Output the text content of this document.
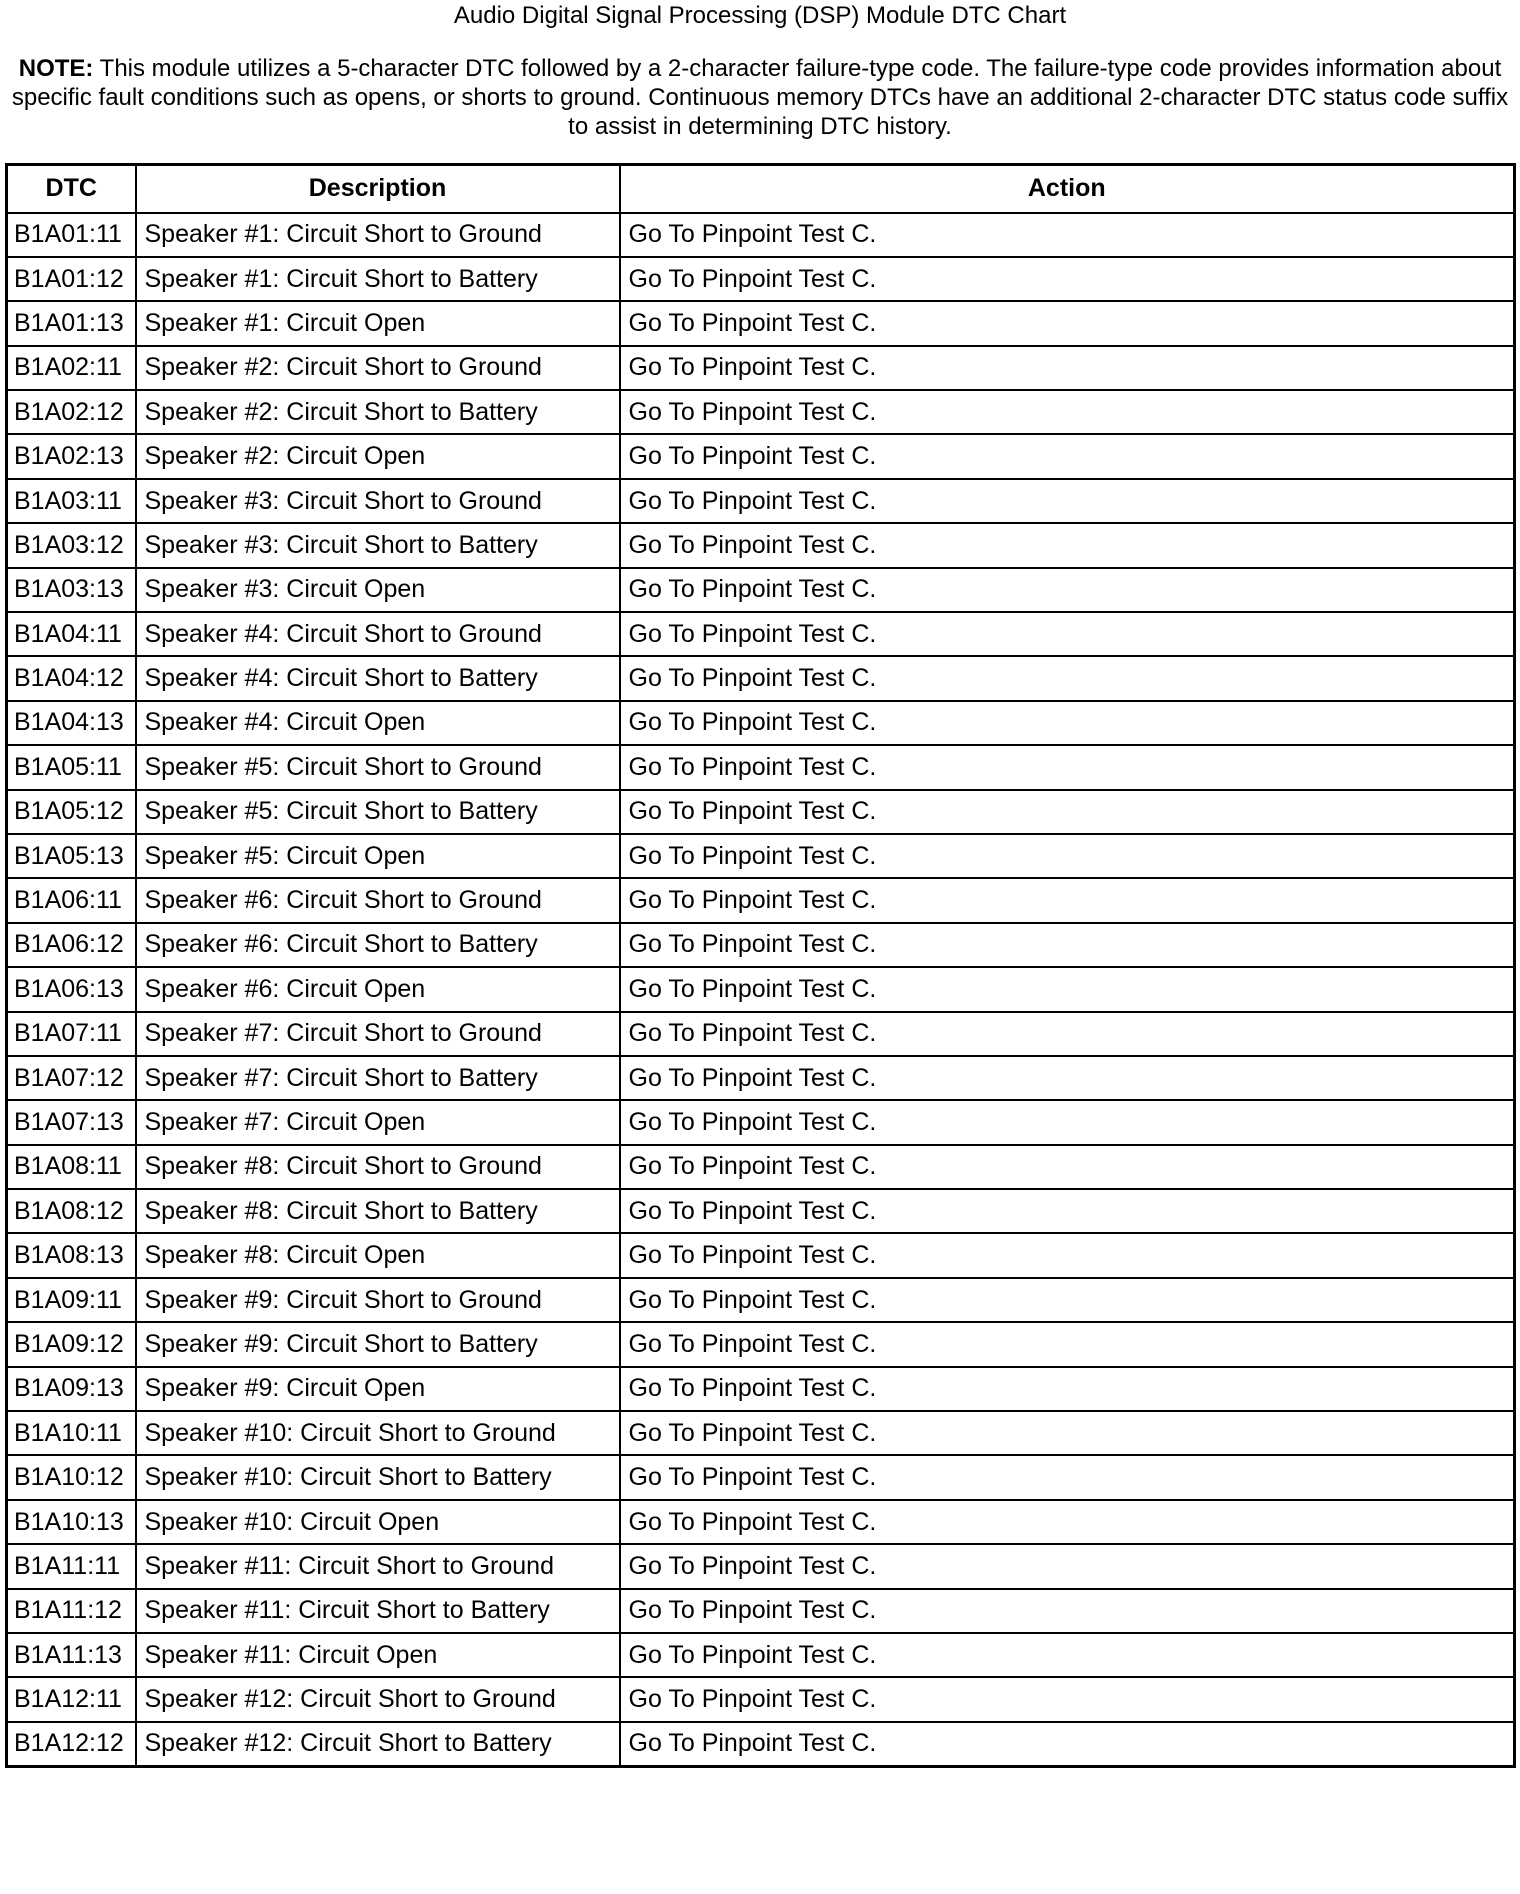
Audio Digital Signal Processing (DSP) Module DTC Chart
NOTE: This module utilizes a 5-character DTC followed by a 2-character failure-type code. The failure-type code provides information about specific fault conditions such as opens, or shorts to ground. Continuous memory DTCs have an additional 2-character DTC status code suffix to assist in determining DTC history.
DTC	Description	Action
B1A01:11	Speaker #1: Circuit Short to Ground	Go To Pinpoint Test C.
B1A01:12	Speaker #1: Circuit Short to Battery	Go To Pinpoint Test C.
B1A01:13	Speaker #1: Circuit Open	Go To Pinpoint Test C.
B1A02:11	Speaker #2: Circuit Short to Ground	Go To Pinpoint Test C.
B1A02:12	Speaker #2: Circuit Short to Battery	Go To Pinpoint Test C.
B1A02:13	Speaker #2: Circuit Open	Go To Pinpoint Test C.
B1A03:11	Speaker #3: Circuit Short to Ground	Go To Pinpoint Test C.
B1A03:12	Speaker #3: Circuit Short to Battery	Go To Pinpoint Test C.
B1A03:13	Speaker #3: Circuit Open	Go To Pinpoint Test C.
B1A04:11	Speaker #4: Circuit Short to Ground	Go To Pinpoint Test C.
B1A04:12	Speaker #4: Circuit Short to Battery	Go To Pinpoint Test C.
B1A04:13	Speaker #4: Circuit Open	Go To Pinpoint Test C.
B1A05:11	Speaker #5: Circuit Short to Ground	Go To Pinpoint Test C.
B1A05:12	Speaker #5: Circuit Short to Battery	Go To Pinpoint Test C.
B1A05:13	Speaker #5: Circuit Open	Go To Pinpoint Test C.
B1A06:11	Speaker #6: Circuit Short to Ground	Go To Pinpoint Test C.
B1A06:12	Speaker #6: Circuit Short to Battery	Go To Pinpoint Test C.
B1A06:13	Speaker #6: Circuit Open	Go To Pinpoint Test C.
B1A07:11	Speaker #7: Circuit Short to Ground	Go To Pinpoint Test C.
B1A07:12	Speaker #7: Circuit Short to Battery	Go To Pinpoint Test C.
B1A07:13	Speaker #7: Circuit Open	Go To Pinpoint Test C.
B1A08:11	Speaker #8: Circuit Short to Ground	Go To Pinpoint Test C.
B1A08:12	Speaker #8: Circuit Short to Battery	Go To Pinpoint Test C.
B1A08:13	Speaker #8: Circuit Open	Go To Pinpoint Test C.
B1A09:11	Speaker #9: Circuit Short to Ground	Go To Pinpoint Test C.
B1A09:12	Speaker #9: Circuit Short to Battery	Go To Pinpoint Test C.
B1A09:13	Speaker #9: Circuit Open	Go To Pinpoint Test C.
B1A10:11	Speaker #10: Circuit Short to Ground	Go To Pinpoint Test C.
B1A10:12	Speaker #10: Circuit Short to Battery	Go To Pinpoint Test C.
B1A10:13	Speaker #10: Circuit Open	Go To Pinpoint Test C.
B1A11:11	Speaker #11: Circuit Short to Ground	Go To Pinpoint Test C.
B1A11:12	Speaker #11: Circuit Short to Battery	Go To Pinpoint Test C.
B1A11:13	Speaker #11: Circuit Open	Go To Pinpoint Test C.
B1A12:11	Speaker #12: Circuit Short to Ground	Go To Pinpoint Test C.
B1A12:12	Speaker #12: Circuit Short to Battery	Go To Pinpoint Test C.
